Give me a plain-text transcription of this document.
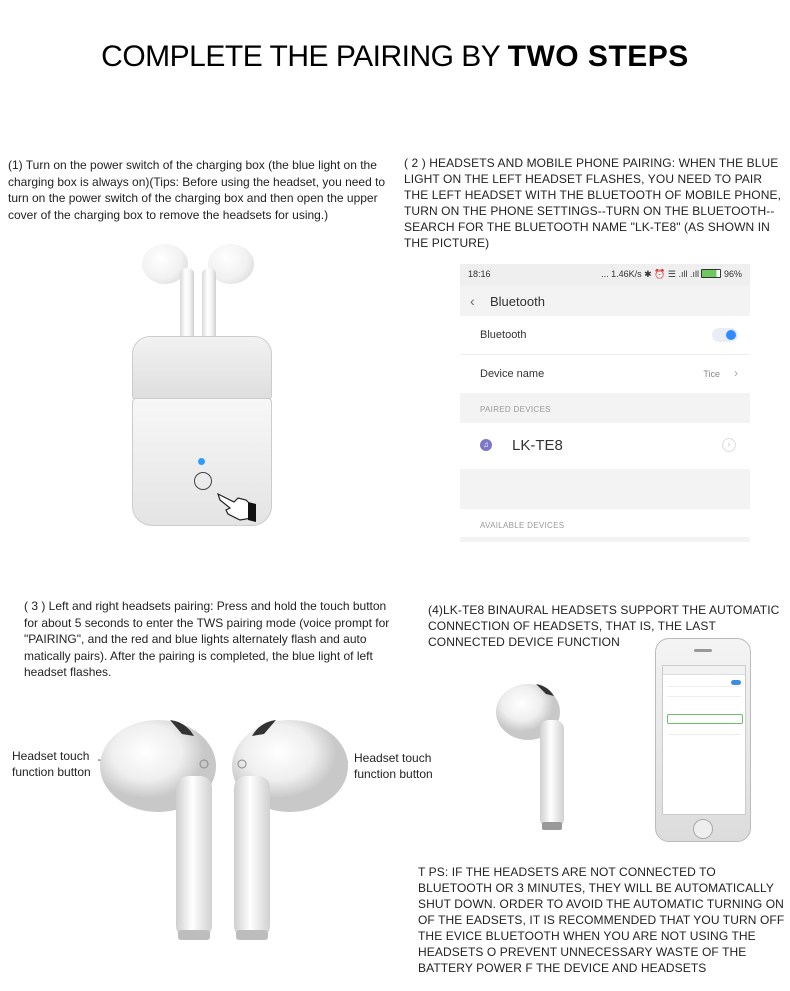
COMPLETE THE PAIRING BY TWO STEPS
(1) Turn on the power switch of the charging box (the blue light on the charging box is always on)(Tips: Before using the headset, you need to turn on the power switch of the charging box and then open the upper cover of the charging box to remove the headsets for using.)
( 2 ) HEADSETS AND MOBILE PHONE PAIRING: WHEN THE BLUE LIGHT ON THE LEFT HEADSET FLASHES, YOU NEED TO PAIR THE LEFT HEADSET WITH THE BLUETOOTH OF MOBILE PHONE, TURN ON THE PHONE SETTINGS--TURN ON THE BLUETOOTH--SEARCH FOR THE BLUETOOTH NAME "LK-TE8" (AS SHOWN IN THE PICTURE)
18:16	... 1.46K/s ✱ ⏰ ☰ .ıll .ıll	96%
‹ Bluetooth
Bluetooth
Device name	Tice ›
PAIRED DEVICES
♫ LK-TE8	›
AVAILABLE DEVICES
( 3 ) Left and right headsets pairing: Press and hold the touch button for about 5 seconds to enter the TWS pairing mode (voice prompt for "PAIRING", and the red and blue lights alternately flash and auto matically pairs). After the pairing is completed, the blue light of left headset flashes.
(4)LK-TE8 BINAURAL HEADSETS SUPPORT THE AUTOMATIC CONNECTION OF HEADSETS, THAT IS, THE LAST CONNECTED DEVICE FUNCTION
Headset touch function button
Headset touch function button
T PS: IF THE HEADSETS ARE NOT CONNECTED TO BLUETOOTH OR 3 MINUTES, THEY WILL BE AUTOMATICALLY SHUT DOWN. ORDER TO AVOID THE AUTOMATIC TURNING ON OF THE EADSETS, IT IS RECOMMENDED THAT YOU TURN OFF THE EVICE BLUETOOTH WHEN YOU ARE NOT USING THE HEADSETS O PREVENT UNNECESSARY WASTE OF THE BATTERY POWER F THE DEVICE AND HEADSETS
